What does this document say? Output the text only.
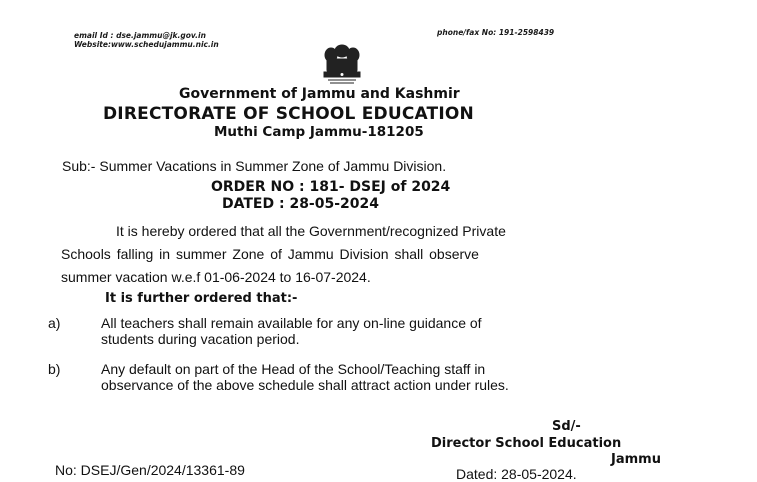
email Id : dse.jammu@jk.gov.in
Website:www.schedujammu.nic.in
phone/fax No: 191-2598439
Government of Jammu and Kashmir
DIRECTORATE OF SCHOOL EDUCATION
Muthi Camp Jammu-181205
Sub:- Summer Vacations in Summer Zone of Jammu Division.
ORDER NO : 181- DSEJ of 2024
DATED : 28-05-2024
It is hereby ordered that all the Government/recognized Private
Schools falling in summer Zone of Jammu Division shall observe
summer vacation w.e.f 01-06-2024 to 16-07-2024.
It is further ordered that:-
a)	All teachers shall remain available for any on-line guidance of
students during vacation period.
b)	Any default on part of the Head of the School/Teaching staff in
observance of the above schedule shall attract action under rules.
Sd/-
Director School Education
Jammu
Dated: 28-05-2024.
No: DSEJ/Gen/2024/13361-89
